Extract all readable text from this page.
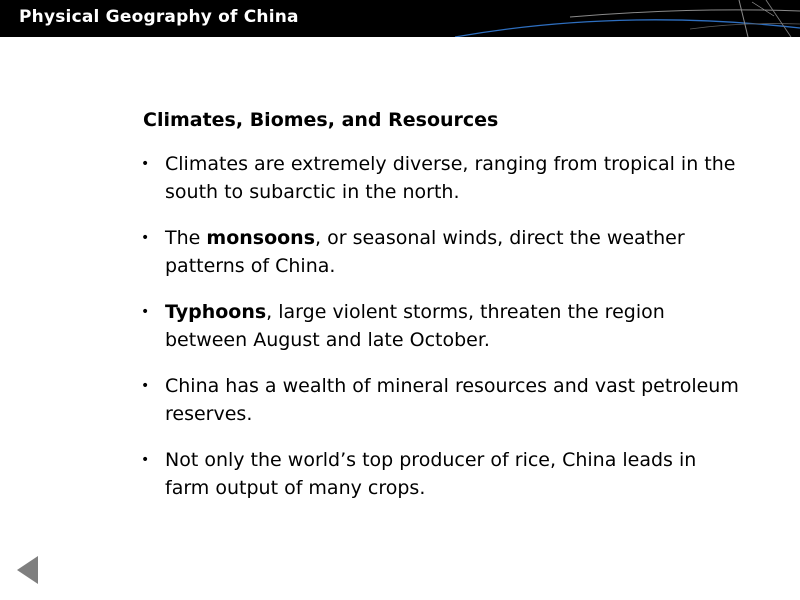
Physical Geography of China
Climates, Biomes, and Resources
• Climates are extremely diverse, ranging from tropical in the south to subarctic in the north.
• The monsoons, or seasonal winds, direct the weather patterns of China.
• Typhoons, large violent storms, threaten the region between August and late October.
• China has a wealth of mineral resources and vast petroleum reserves.
• Not only the world’s top producer of rice, China leads in farm output of many crops.
